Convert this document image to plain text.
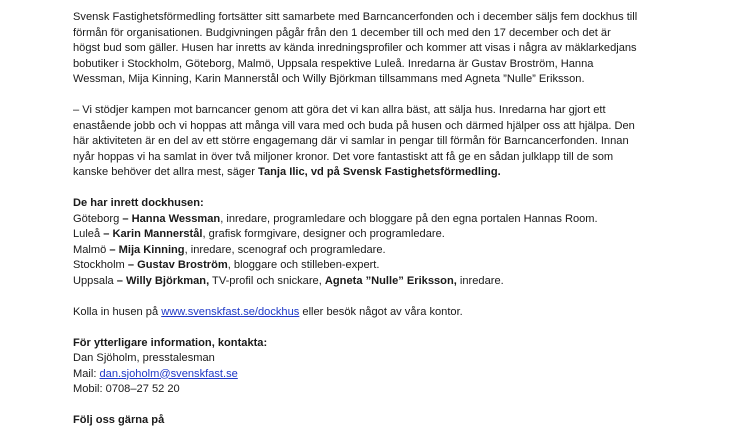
Svensk Fastighetsförmedling fortsätter sitt samarbete med Barncancerfonden och i december säljs fem dockhus till

förmån för organisationen. Budgivningen pågår från den 1 december till och med den 17 december och det är

högst bud som gäller. Husen har inretts av kända inredningsprofiler och kommer att visas i några av mäklarkedjans

bobutiker i Stockholm, Göteborg, Malmö, Uppsala respektive Luleå. Inredarna är Gustav Broström, Hanna

Wessman, Mija Kinning, Karin Mannerstål och Willy Björkman tillsammans med Agneta ”Nulle” Eriksson.

– Vi stödjer kampen mot barncancer genom att göra det vi kan allra bäst, att sälja hus. Inredarna har gjort ett

enastående jobb och vi hoppas att många vill vara med och buda på husen och därmed hjälper oss att hjälpa. Den

här aktiviteten är en del av ett större engagemang där vi samlar in pengar till förmån för Barncancerfonden. Innan

nyår hoppas vi ha samlat in över två miljoner kronor. Det vore fantastiskt att få ge en sådan julklapp till de som

kanske behöver det allra mest, säger Tanja Ilic, vd på Svensk Fastighetsförmedling.

De har inrett dockhusen:

Göteborg – Hanna Wessman, inredare, programledare och bloggare på den egna portalen Hannas Room.

Luleå – Karin Mannerstål, grafisk formgivare, designer och programledare.

Malmö – Mija Kinning, inredare, scenograf och programledare.

Stockholm – Gustav Broström, bloggare och stilleben-expert.

Uppsala – Willy Björkman, TV-profil och snickare, Agneta ”Nulle” Eriksson, inredare.

Kolla in husen på www.svenskfast.se/dockhus eller besök något av våra kontor.

För ytterligare information, kontakta:

Dan Sjöholm, presstalesman

Mail: dan.sjoholm@svenskfast.se

Mobil: 0708–27 52 20

Följ oss gärna på
